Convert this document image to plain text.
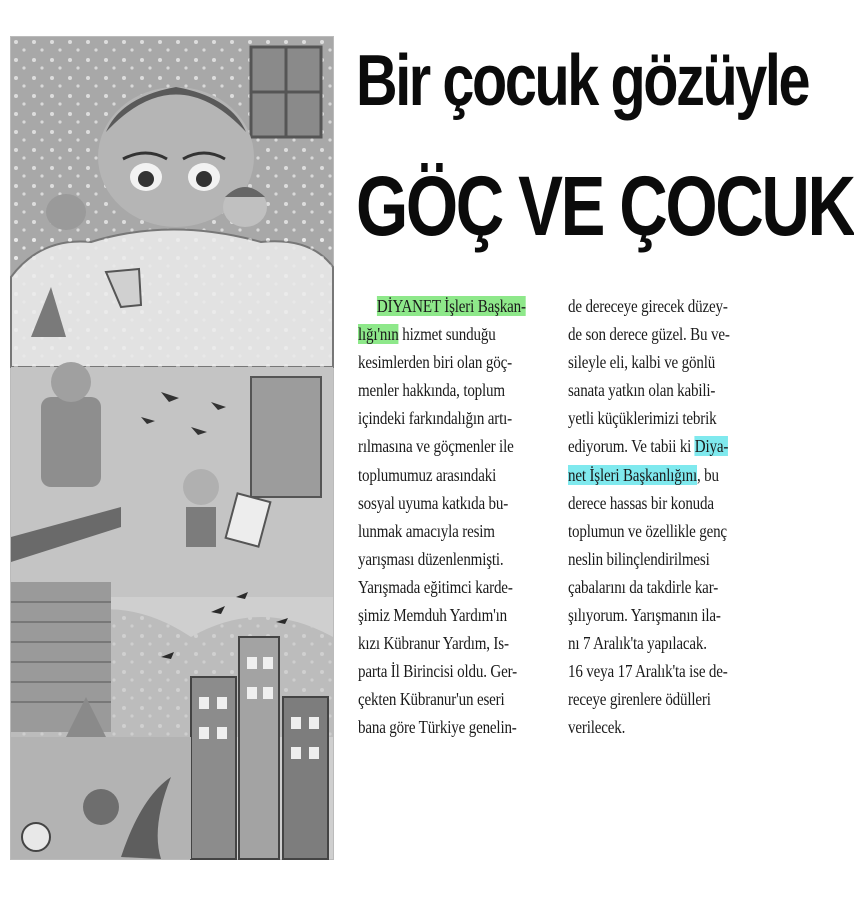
Bir çocuk gözüyle
GÖÇ VE ÇOCUK
DİYANET İşleri Başkan-
lığı'nın hizmet sunduğu
kesimlerden biri olan göç-
menler hakkında, toplum
içindeki farkındalığın artı-
rılmasına ve göçmenler ile
toplumumuz arasındaki
sosyal uyuma katkıda bu-
lunmak amacıyla resim
yarışması düzenlenmişti.
Yarışmada eğitimci karde-
şimiz Memduh Yardım'ın
kızı Kübranur Yardım, Is-
parta İl Birincisi oldu. Ger-
çekten Kübranur'un eseri
bana göre Türkiye genelin-
de dereceye girecek düzey-
de son derece güzel. Bu ve-
sileyle eli, kalbi ve gönlü
sanata yatkın olan kabili-
yetli küçüklerimizi tebrik
ediyorum. Ve tabii ki Diya-
net İşleri Başkanlığını, bu
derece hassas bir konuda
toplumun ve özellikle genç
neslin bilinçlendirilmesi
çabalarını da takdirle kar-
şılıyorum. Yarışmanın ila-
nı 7 Aralık'ta yapılacak.
16 veya 17 Aralık'ta ise de-
receye girenlere ödülleri
verilecek.
